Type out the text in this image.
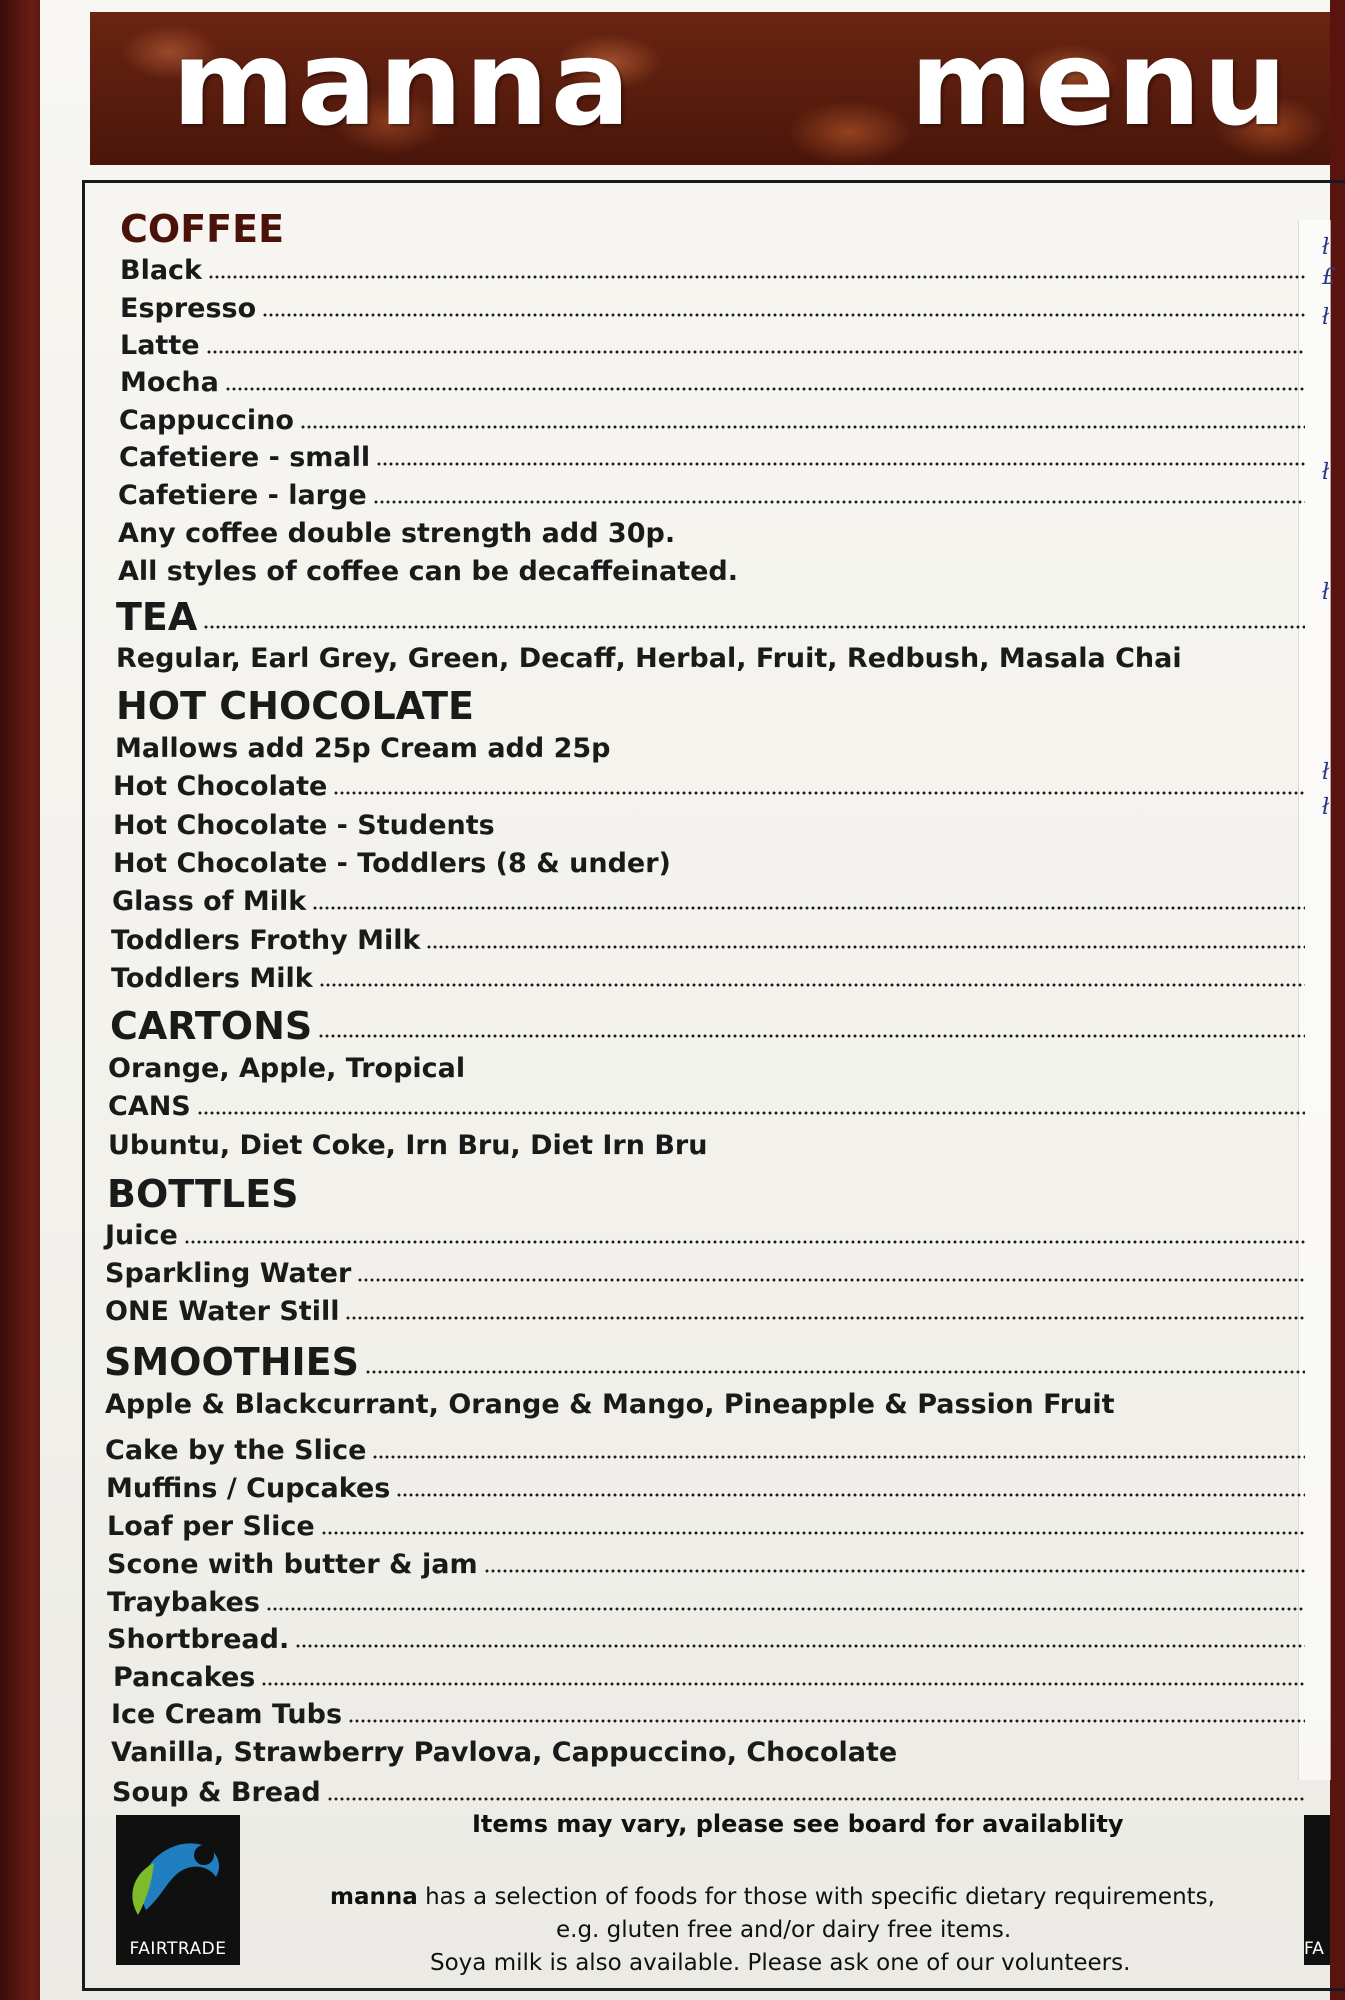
manna menu
COFFEE
Black
Espresso
Latte
Mocha
Cappuccino
Cafetiere - small
Cafetiere - large
Any coffee double strength add 30p.
All styles of coffee can be decaffeinated.
TEA
Regular, Earl Grey, Green, Decaff, Herbal, Fruit, Redbush, Masala Chai
HOT CHOCOLATE
Mallows add 25p Cream add 25p
Hot Chocolate
Hot Chocolate - Students
Hot Chocolate - Toddlers (8 & under)
Glass of Milk
Toddlers Frothy Milk
Toddlers Milk
CARTONS
Orange, Apple, Tropical
CANS
Ubuntu, Diet Coke, Irn Bru, Diet Irn Bru
BOTTLES
Juice
Sparkling Water
ONE Water Still
SMOOTHIES
Apple & Blackcurrant, Orange & Mango, Pineapple & Passion Fruit
Cake by the Slice
Muffins / Cupcakes
Loaf per Slice
Scone with butter & jam
Traybakes
Shortbread.
Pancakes
Ice Cream Tubs
Vanilla, Strawberry Pavlova, Cappuccino, Chocolate
Soup & Bread
ł
£
ł
ł
ł
ł
ł
Items may vary, please see board for availablity
manna has a selection of foods for those with specific dietary requirements,
e.g. gluten free and/or dairy free items.
Soya milk is also available. Please ask one of our volunteers.
FAIRTRADE	FA
